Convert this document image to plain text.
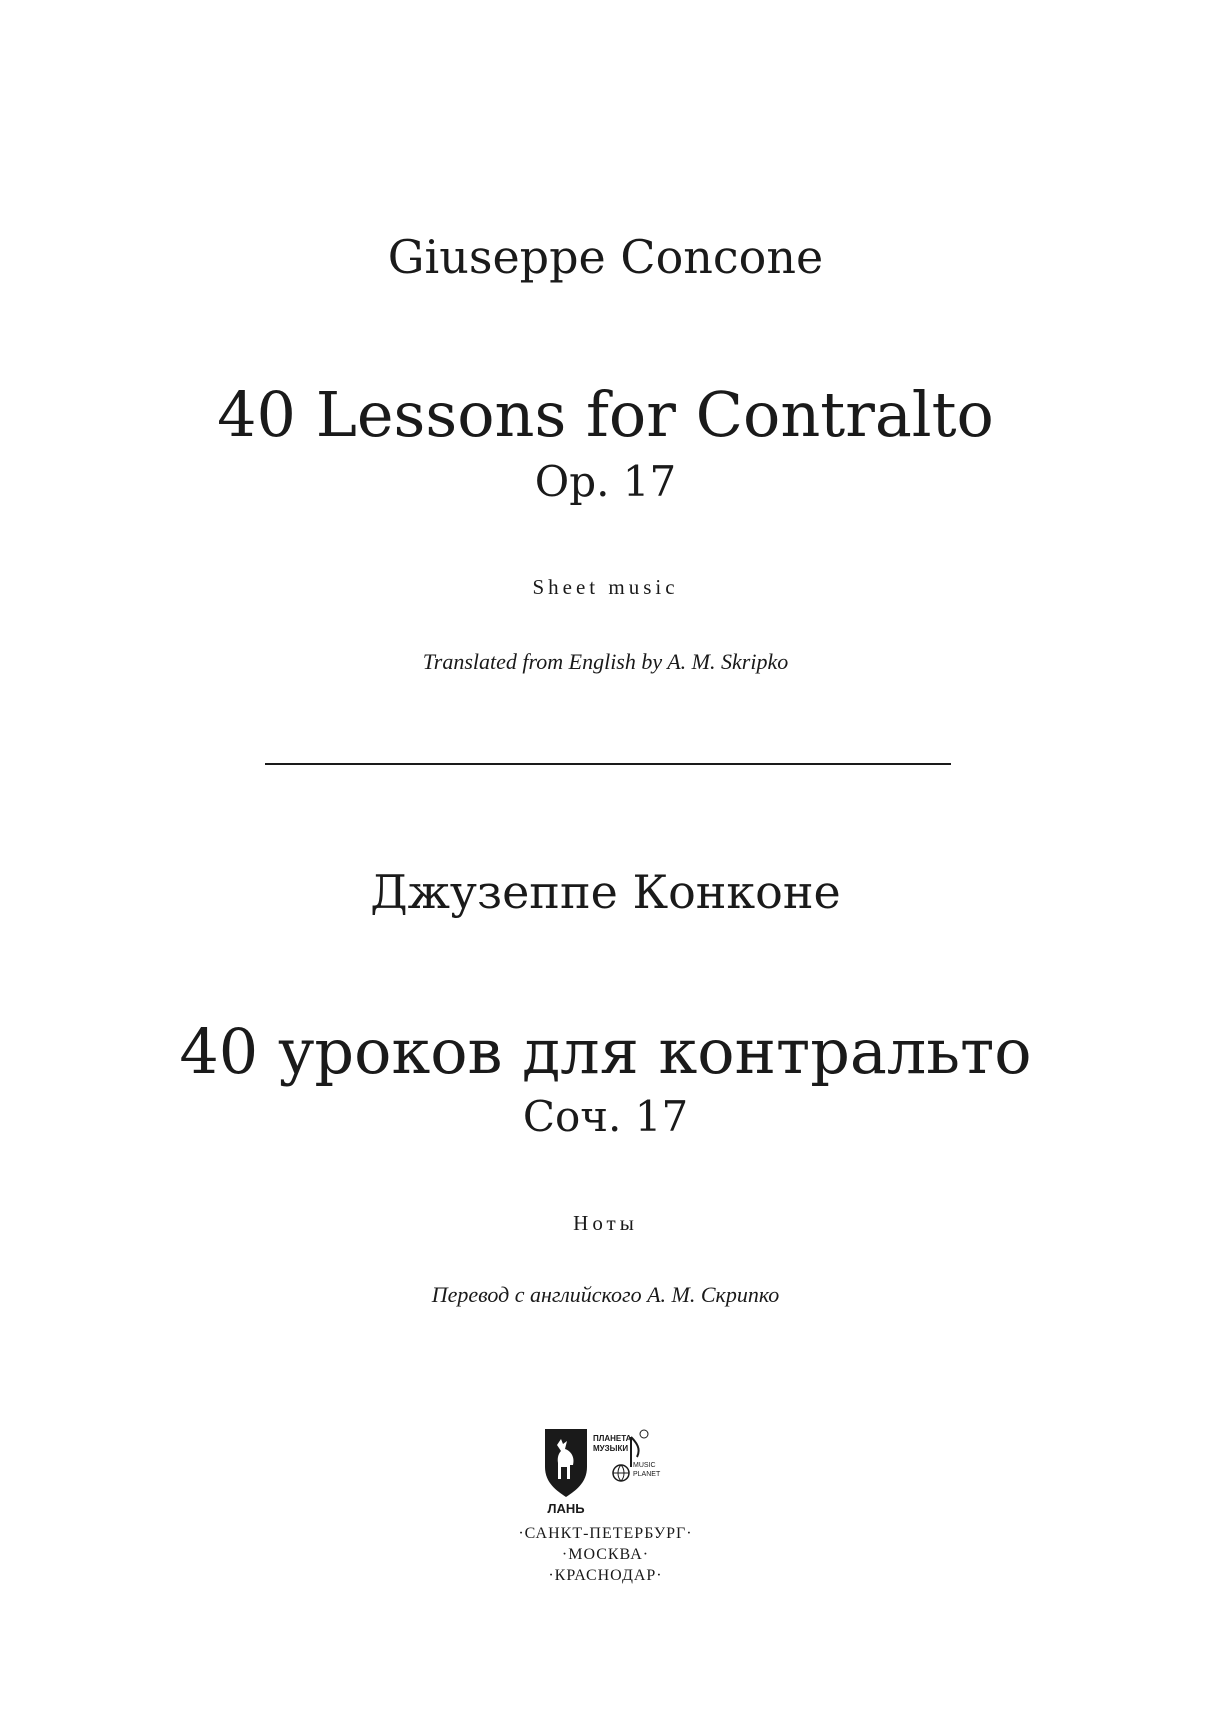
Giuseppe Concone
40 Lessons for Contralto
Op. 17
Sheet music
Translated from English by A. M. Skripko
Джузеппе Конконе
40 уроков для контральто
Соч. 17
Ноты
Перевод с английского А. М. Скрипко
ЛАНЬ
ПЛАНЕТА
МУЗЫКИ
MUSIC
PLANET
·САНКТ-ПЕТЕРБУРГ·
·МОСКВА·
·КРАСНОДАР·
